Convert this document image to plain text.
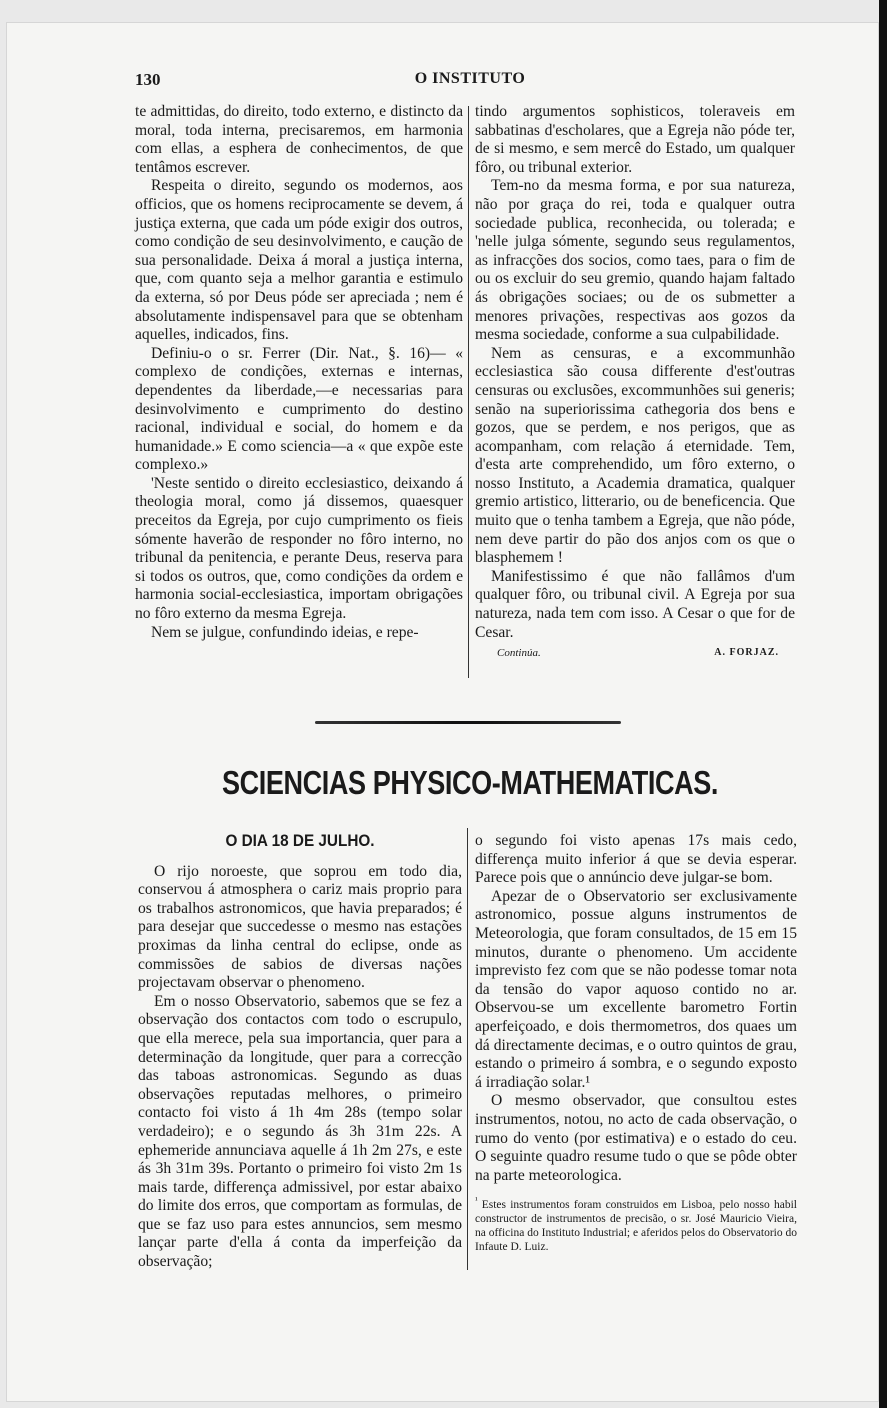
130	O INSTITUTO

te admittidas, do direito, todo externo, e distincto da moral, toda interna, precisaremos, em harmonia com ellas, a esphera de conhecimentos, de que tentâmos escrever.

Respeita o direito, segundo os modernos, aos officios, que os homens reciprocamente se devem, á justiça externa, que cada um póde exigir dos outros, como condição de seu desinvolvimento, e caução de sua personalidade. Deixa á moral a justiça interna, que, com quanto seja a melhor garantia e estimulo da externa, só por Deus póde ser apreciada ; nem é absolutamente indispensavel para que se obtenham aquelles, indicados, fins.

Definiu-o o sr. Ferrer (Dir. Nat., §. 16)— « complexo de condições, externas e internas, dependentes da liberdade,—e necessarias para desinvolvimento e cumprimento do destino racional, individual e social, do homem e da humanidade.» E como sciencia—a « que expõe este complexo.»

'Neste sentido o direito ecclesiastico, deixando á theologia moral, como já dissemos, quaesquer preceitos da Egreja, por cujo cumprimento os fieis sómente haverão de responder no fôro interno, no tribunal da penitencia, e perante Deus, reserva para si todos os outros, que, como condições da ordem e harmonia social-ecclesiastica, importam obrigações no fôro externo da mesma Egreja.

Nem se julgue, confundindo ideias, e repe-

tindo argumentos sophisticos, toleraveis em sabbatinas d'escholares, que a Egreja não póde ter, de si mesmo, e sem mercê do Estado, um qualquer fôro, ou tribunal exterior.

Tem-no da mesma forma, e por sua natureza, não por graça do rei, toda e qualquer outra sociedade publica, reconhecida, ou tolerada; e 'nelle julga sómente, segundo seus regulamentos, as infracções dos socios, como taes, para o fim de ou os excluir do seu gremio, quando hajam faltado ás obrigações sociaes; ou de os submetter a menores privações, respectivas aos gozos da mesma sociedade, conforme a sua culpabilidade.

Nem as censuras, e a excommunhão ecclesiastica são cousa differente d'est'outras censuras ou exclusões, excommunhões sui generis; senão na superiorissima cathegoria dos bens e gozos, que se perdem, e nos perigos, que as acompanham, com relação á eternidade. Tem, d'esta arte comprehendido, um fôro externo, o nosso Instituto, a Academia dramatica, qualquer gremio artistico, litterario, ou de beneficencia. Que muito que o tenha tambem a Egreja, que não póde, nem deve partir do pão dos anjos com os que o blasphemem !

Manifestissimo é que não fallâmos d'um qualquer fôro, ou tribunal civil. A Egreja por sua natureza, nada tem com isso. A Cesar o que for de Cesar.

Continúa.	A. FORJAZ.
SCIENCIAS PHYSICO-MATHEMATICAS.
O DIA 18 DE JULHO.

O rijo noroeste, que soprou em todo dia, conservou á atmosphera o cariz mais proprio para os trabalhos astronomicos, que havia preparados; é para desejar que succedesse o mesmo nas estações proximas da linha central do eclipse, onde as commissões de sabios de diversas nações projectavam observar o phenomeno.

Em o nosso Observatorio, sabemos que se fez a observação dos contactos com todo o escrupulo, que ella merece, pela sua importancia, quer para a determinação da longitude, quer para a correcção das taboas astronomicas. Segundo as duas observações reputadas melhores, o primeiro contacto foi visto á 1h 4m 28s (tempo solar verdadeiro); e o segundo ás 3h 31m 22s. A ephemeride annunciava aquelle á 1h 2m 27s, e este ás 3h 31m 39s. Portanto o primeiro foi visto 2m 1s mais tarde, differença admissivel, por estar abaixo do limite dos erros, que comportam as formulas, de que se faz uso para estes annuncios, sem mesmo lançar parte d'ella á conta da imperfeição da observação;

o segundo foi visto apenas 17s mais cedo, differença muito inferior á que se devia esperar. Parece pois que o annúncio deve julgar-se bom.

Apezar de o Observatorio ser exclusivamente astronomico, possue alguns instrumentos de Meteorologia, que foram consultados, de 15 em 15 minutos, durante o phenomeno. Um accidente imprevisto fez com que se não podesse tomar nota da tensão do vapor aquoso contido no ar. Observou-se um excellente barometro Fortin aperfeiçoado, e dois thermometros, dos quaes um dá directamente decimas, e o outro quintos de grau, estando o primeiro á sombra, e o segundo exposto á irradiação solar.¹

O mesmo observador, que consultou estes instrumentos, notou, no acto de cada observação, o rumo do vento (por estimativa) e o estado do ceu. O seguinte quadro resume tudo o que se pôde obter na parte meteorologica.

$^{^1}$ Estes instrumentos foram construidos em Lisboa, pelo nosso habil constructor de instrumentos de precisão, o sr. José Mauricio Vieira, na officina do Instituto Industrial; e aferidos pelos do Observatorio do Infaute D. Luiz.
